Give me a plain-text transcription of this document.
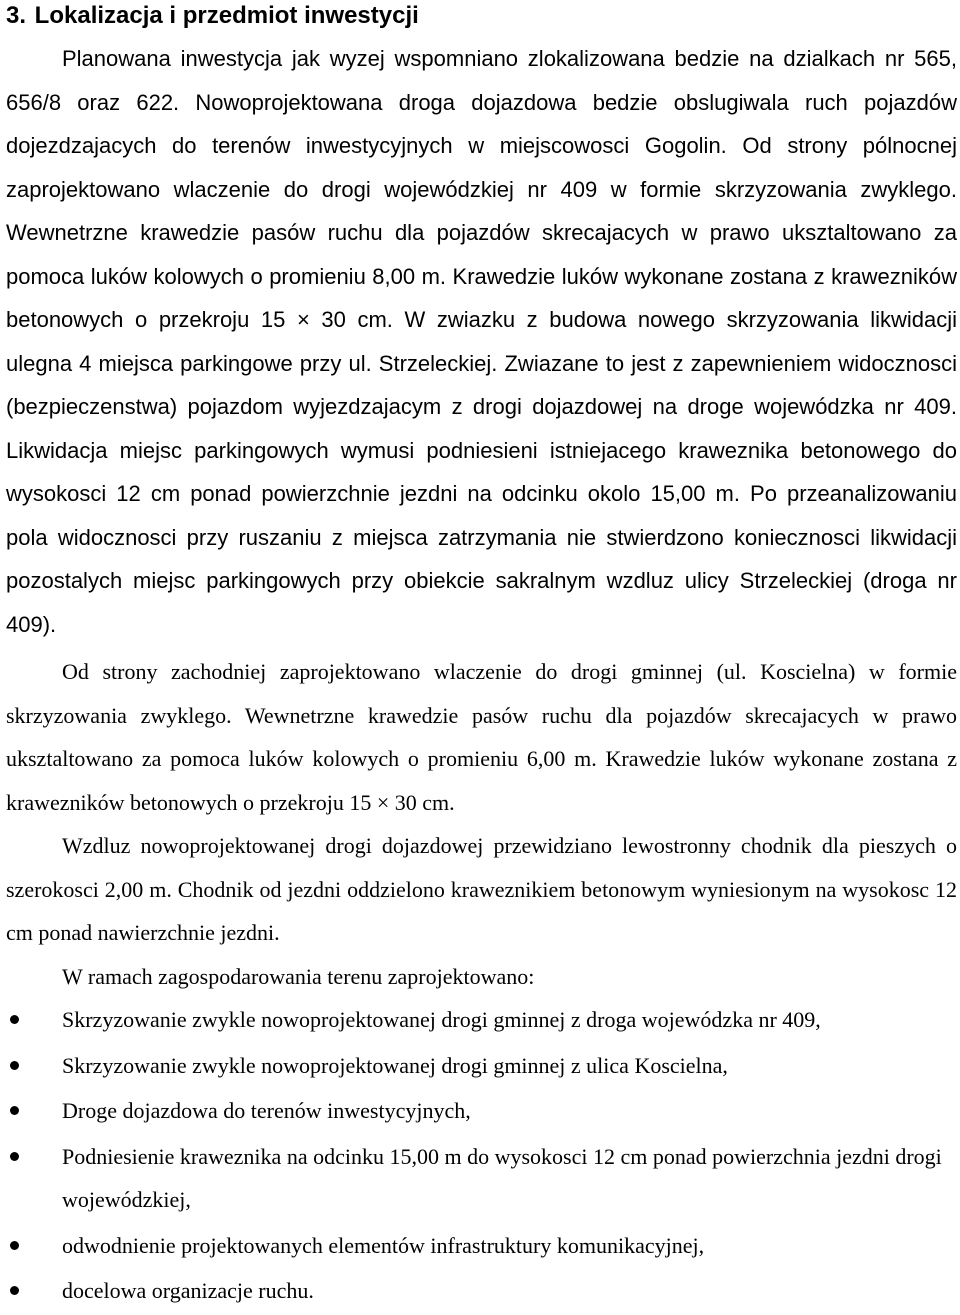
3. Lokalizacja i przedmiot inwestycji

Planowana inwestycja jak wyzej wspomniano zlokalizowana bedzie na dzialkach nr 565, 656/8 oraz 622. Nowoprojektowana droga dojazdowa bedzie obslugiwala ruch pojazdów dojezdzajacych do terenów inwestycyjnych w miejscowosci Gogolin. Od strony pólnocnej zaprojektowano wlaczenie do drogi wojewódzkiej nr 409 w formie skrzyzowania zwyklego. Wewnetrzne krawedzie pasów ruchu dla pojazdów skrecajacych w prawo uksztaltowano za pomoca luków kolowych o promieniu 8,00 m. Krawedzie luków wykonane zostana z krawezników betonowych o przekroju 15 × 30 cm. W zwiazku z budowa nowego skrzyzowania likwidacji ulegna 4 miejsca parkingowe przy ul. Strzeleckiej. Zwiazane to jest z zapewnieniem widocznosci (bezpieczenstwa) pojazdom wyjezdzajacym z drogi dojazdowej na droge wojewódzka nr 409. Likwidacja miejsc parkingowych wymusi podniesieni istniejacego kraweznika betonowego do wysokosci 12 cm ponad powierzchnie jezdni na odcinku okolo 15,00 m. Po przeanalizowaniu pola widocznosci przy ruszaniu z miejsca zatrzymania nie stwierdzono koniecznosci likwidacji pozostalych miejsc parkingowych przy obiekcie sakralnym wzdluz ulicy Strzeleckiej (droga nr 409).

Od strony zachodniej zaprojektowano wlaczenie do drogi gminnej (ul. Koscielna) w formie skrzyzowania zwyklego. Wewnetrzne krawedzie pasów ruchu dla pojazdów skrecajacych w prawo uksztaltowano za pomoca luków kolowych o promieniu 6,00 m. Krawedzie luków wykonane zostana z krawezników betonowych o przekroju 15 × 30 cm.

Wzdluz nowoprojektowanej drogi dojazdowej przewidziano lewostronny chodnik dla pieszych o szerokosci 2,00 m. Chodnik od jezdni oddzielono kraweznikiem betonowym wyniesionym na wysokosc 12 cm ponad nawierzchnie jezdni.

W ramach zagospodarowania terenu zaprojektowano:

Skrzyzowanie zwykle nowoprojektowanej drogi gminnej z droga wojewódzka nr 409,
Skrzyzowanie zwykle nowoprojektowanej drogi gminnej z ulica Koscielna,
Droge dojazdowa do terenów inwestycyjnych,
Podniesienie kraweznika na odcinku 15,00 m do wysokosci 12 cm ponad powierzchnia jezdni drogi wojewódzkiej,
odwodnienie projektowanych elementów infrastruktury komunikacyjnej,
docelowa organizacje ruchu.
